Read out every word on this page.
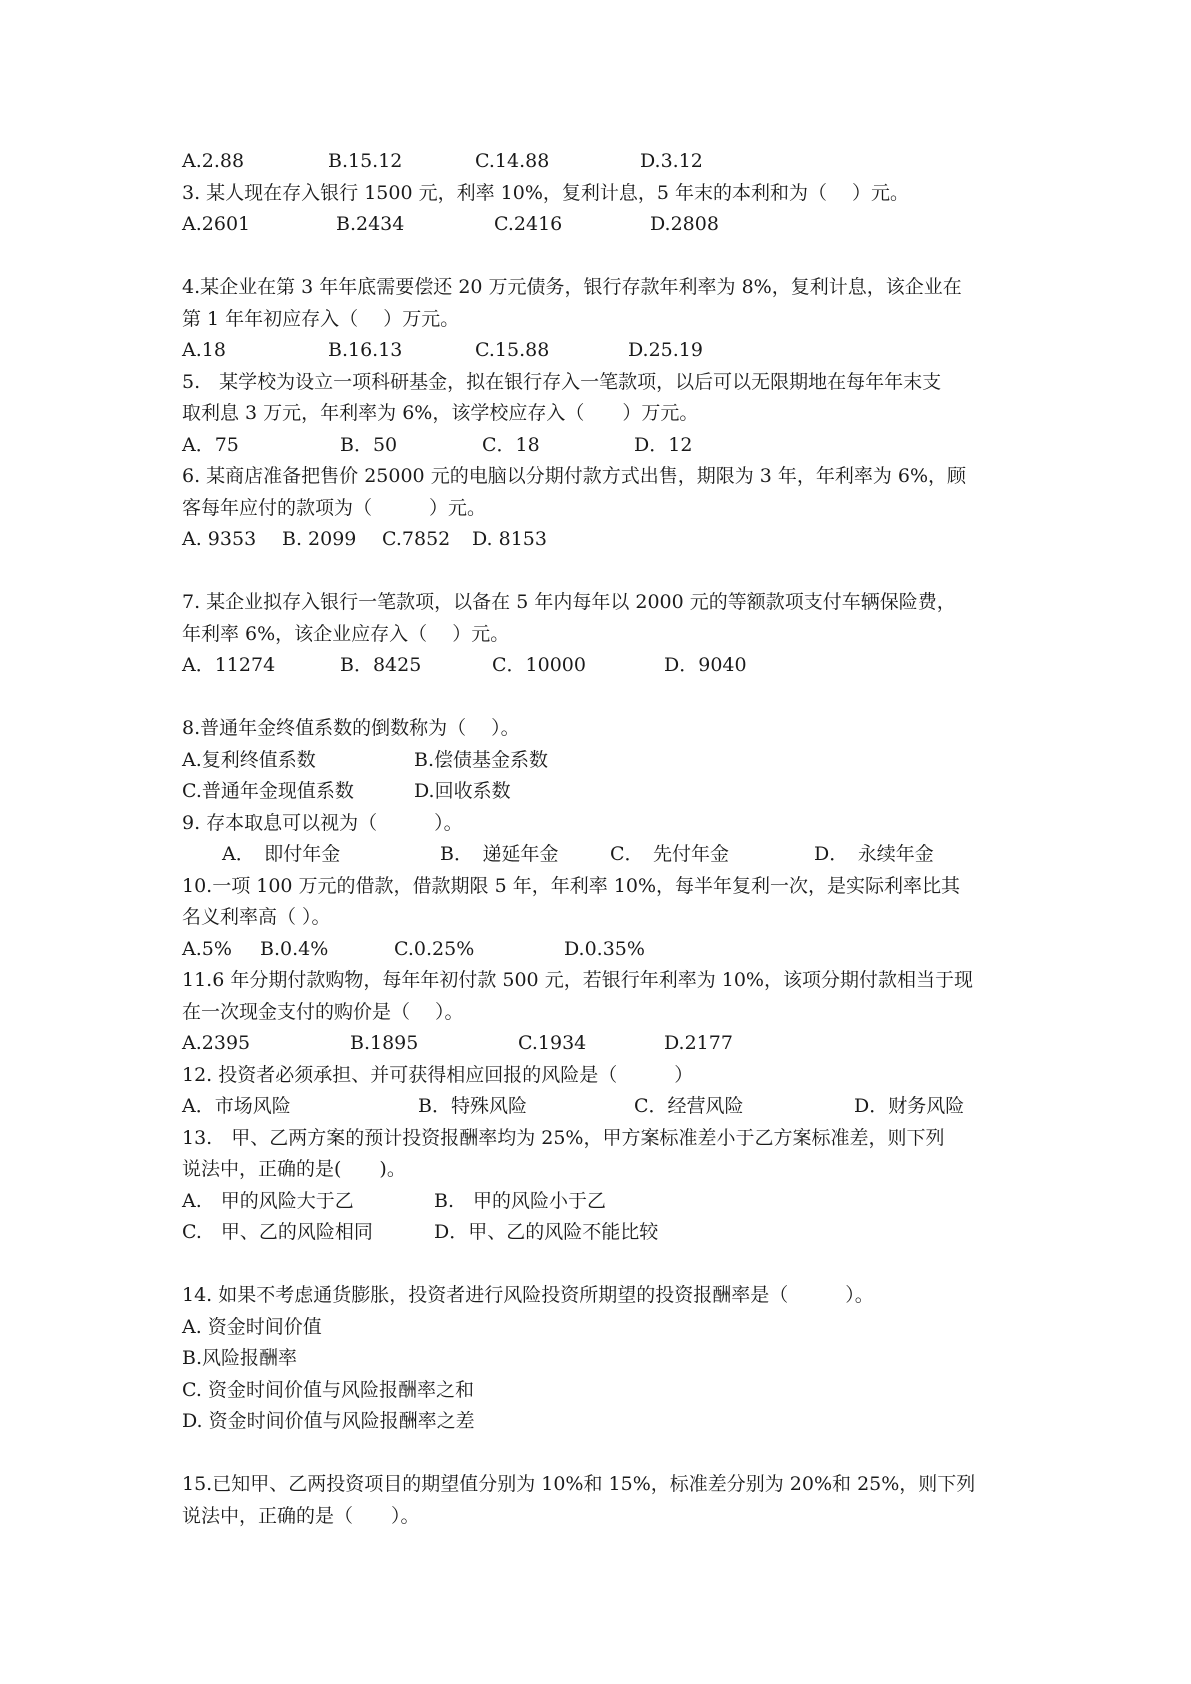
A.2.88	B.15.12	C.14.88	D.3.12
3. 某人现在存入银行 1500 元，利率 10%，复利计息，5 年末的本利和为（　 ）元。
A.2601	B.2434	C.2416	D.2808
4.某企业在第 3 年年底需要偿还 20 万元债务，银行存款年利率为 8%，复利计息，该企业在
第 1 年年初应存入（　 ）万元。
A.18	B.16.13	C.15.88	D.25.19
5.　某学校为设立一项科研基金，拟在银行存入一笔款项，以后可以无限期地在每年年末支
取利息 3 万元，年利率为 6%，该学校应存入（　　）万元。
A．75	B．50	C．18	D．12
6. 某商店准备把售价 25000 元的电脑以分期付款方式出售，期限为 3 年，年利率为 6%，顾
客每年应付的款项为（　　　）元。
A. 9353 B. 2099 C.7852 D. 8153
7. 某企业拟存入银行一笔款项，以备在 5 年内每年以 2000 元的等额款项支付车辆保险费，
年利率 6%，该企业应存入（　 ）元。
A．11274	B．8425	C．10000	D．9040
8.普通年金终值系数的倒数称为（　 ）。
A.复利终值系数	B.偿债基金系数
C.普通年金现值系数	D.回收系数
9. 存本取息可以视为（　　　）。
A．　即付年金	B．　递延年金	C．　先付年金	D．　永续年金
10.一项 100 万元的借款，借款期限 5 年，年利率 10%，每半年复利一次，是实际利率比其
名义利率高（ ）。
A.5% B.0.4%	C.0.25%	D.0.35%
11.6 年分期付款购物，每年年初付款 500 元，若银行年利率为 10%，该项分期付款相当于现
在一次现金支付的购价是（　 ）。
A.2395	B.1895	C.1934	D.2177
12. 投资者必须承担、并可获得相应回报的风险是（　　　）
A．市场风险	B．特殊风险	C．经营风险	D．财务风险
13.　甲、乙两方案的预计投资报酬率均为 25%，甲方案标准差小于乙方案标准差，则下列
说法中，正确的是(　　)。
A.　甲的风险大于乙	B.　甲的风险小于乙
C.　甲、乙的风险相同	D．甲、乙的风险不能比较
14. 如果不考虑通货膨胀，投资者进行风险投资所期望的投资报酬率是（　　　）。
A. 资金时间价值
B.风险报酬率
C. 资金时间价值与风险报酬率之和
D. 资金时间价值与风险报酬率之差
15.已知甲、乙两投资项目的期望值分别为 10%和 15%，标准差分别为 20%和 25%，则下列
说法中，正确的是（　　）。
